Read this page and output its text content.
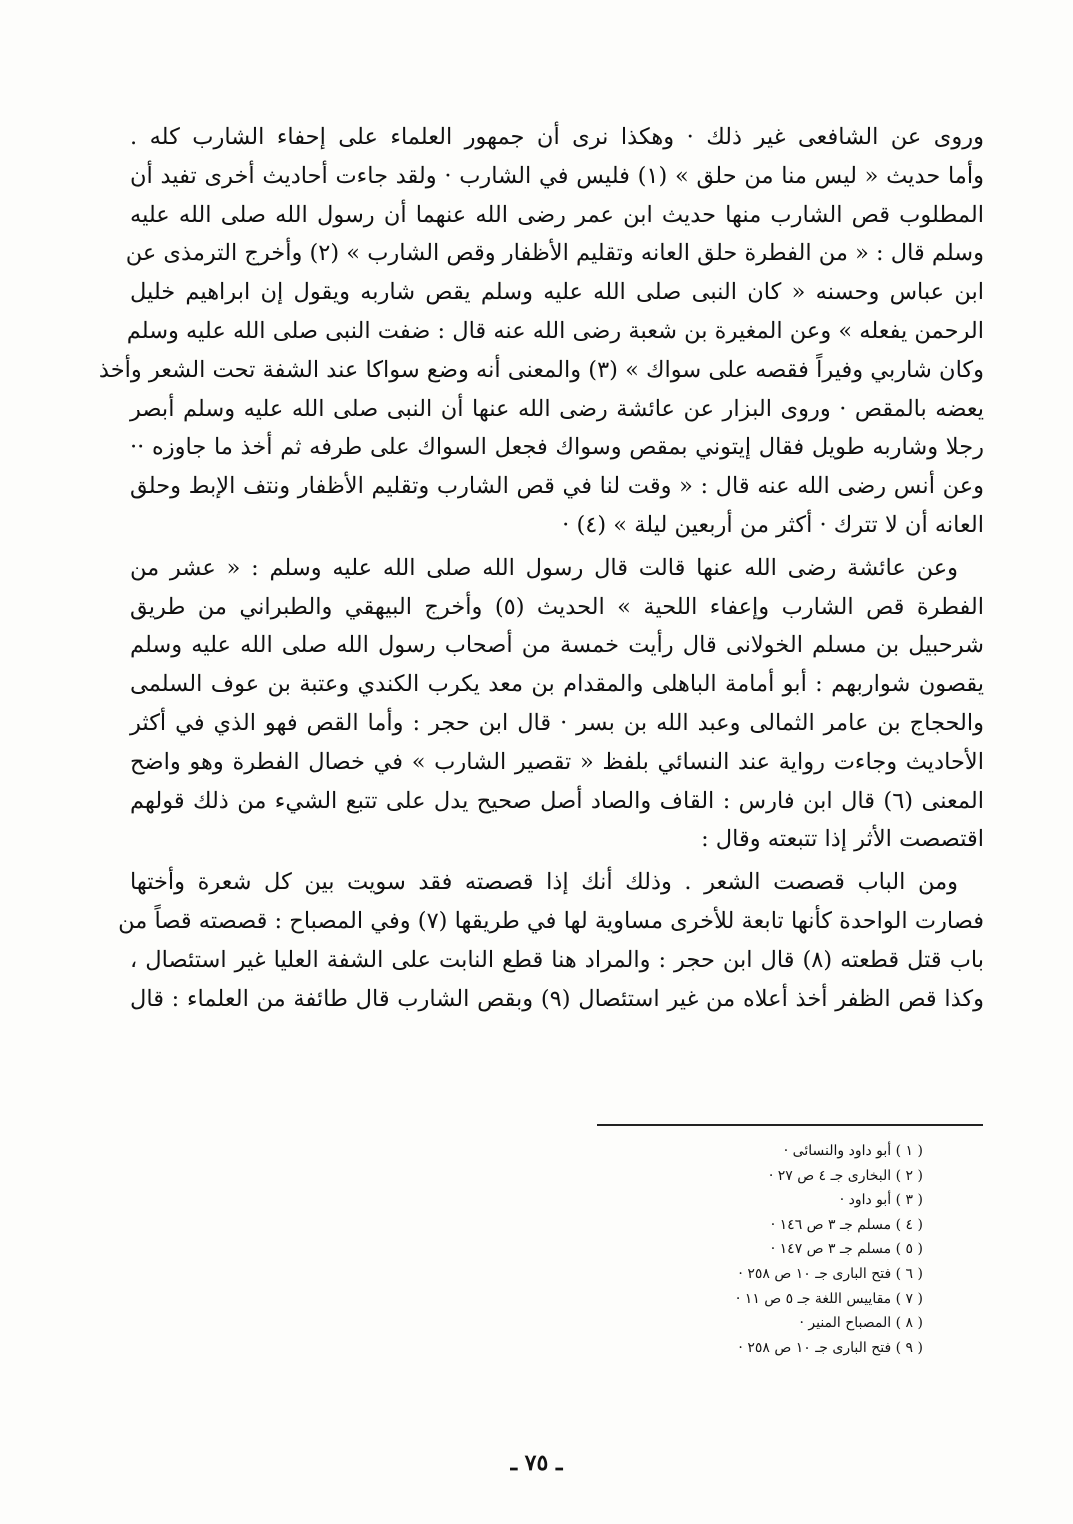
وروى عن الشافعى غير ذلك · وهكذا نرى أن جمهور العلماء على إحفاء الشارب كله .
وأما حديث « ليس منا من حلق » (١) فليس في الشارب · ولقد جاءت أحاديث أخرى تفيد أن
المطلوب قص الشارب منها حديث ابن عمر رضى الله عنهما أن رسول الله صلى الله عليه
وسلم قال : « من الفطرة حلق العانه وتقليم الأظفار وقص الشارب » (٢) وأخرج الترمذى عن
ابن عباس وحسنه « كان النبى صلى الله عليه وسلم يقص شاربه ويقول إن ابراهيم خليل
الرحمن يفعله » وعن المغيرة بن شعبة رضى الله عنه قال : ضفت النبى صلى الله عليه وسلم
وكان شاربي وفيراً فقصه على سواك » (٣) والمعنى أنه وضع سواكا عند الشفة تحت الشعر وأخذ
يعضه بالمقص · وروى البزار عن عائشة رضى الله عنها أن النبى صلى الله عليه وسلم أبصر
رجلا وشاربه طويل فقال إيتوني بمقص وسواك فجعل السواك على طرفه ثم أخذ ما جاوزه ··
وعن أنس رضى الله عنه قال : « وقت لنا في قص الشارب وتقليم الأظفار ونتف الإبط وحلق
العانه أن لا تترك · أكثر من أربعين ليلة » (٤) ·

وعن عائشة رضى الله عنها قالت قال رسول الله صلى الله عليه وسلم : « عشر من
الفطرة قص الشارب وإعفاء اللحية » الحديث (٥) وأخرج البيهقي والطبراني من طريق
شرحبيل بن مسلم الخولانى قال رأيت خمسة من أصحاب رسول الله صلى الله عليه وسلم
يقصون شواربهم : أبو أمامة الباهلى والمقدام بن معد يكرب الكندي وعتبة بن عوف السلمى
والحجاج بن عامر الثمالى وعبد الله بن بسر · قال ابن حجر : وأما القص فهو الذي في أكثر
الأحاديث وجاءت رواية عند النسائي بلفظ « تقصير الشارب » في خصال الفطرة وهو واضح
المعنى (٦) قال ابن فارس : القاف والصاد أصل صحيح يدل على تتبع الشيء من ذلك قولهم
اقتصصت الأثر إذا تتبعته وقال :

ومن الباب قصصت الشعر . وذلك أنك إذا قصصته فقد سويت بين كل شعرة وأختها
فصارت الواحدة كأنها تابعة للأخرى مساوية لها في طريقها (٧) وفي المصباح : قصصته قصاً من
باب قتل قطعته (٨) قال ابن حجر : والمراد هنا قطع النابت على الشفة العليا غير استئصال ،
وكذا قص الظفر أخذ أعلاه من غير استئصال (٩) وبقص الشارب قال طائفة من العلماء : قال

( ١ ) أبو داود والنسائى ·
( ٢ ) البخارى جـ ٤ ص ٢٧ ·
( ٣ ) أبو داود ·
( ٤ ) مسلم جـ ٣ ص ١٤٦ ·
( ٥ ) مسلم جـ ٣ ص ١٤٧ ·
( ٦ ) فتح البارى جـ ١٠ ص ٢٥٨ ·
( ٧ ) مقاييس اللغة جـ ٥ ص ١١ ·
( ٨ ) المصباح المنير ·
( ٩ ) فتح البارى جـ ١٠ ص ٢٥٨ ·
ـ ٧٥ ـ
